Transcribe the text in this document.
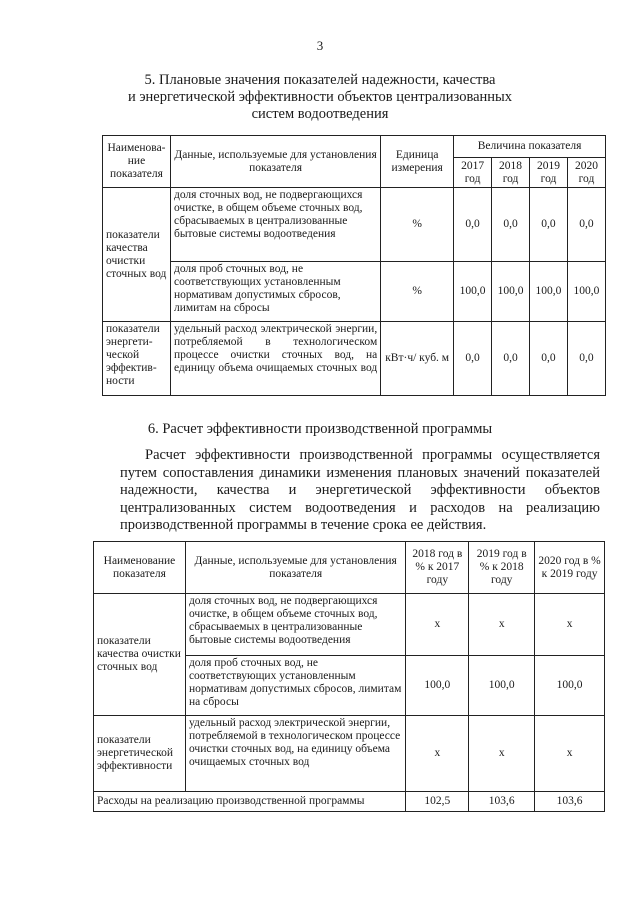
3
5. Плановые значения показателей надежности, качества
и энергетической эффективности объектов централизованных
систем водоотведения
Наименова-ние показателя	Данные, используемые для установления показателя	Единица измерения	Величина показателя			
			2017 год	2018 год	2019 год	2020 год
показатели качества очистки сточных вод	доля сточных вод, не подвергающихся очистке, в общем объеме сточных вод, сбрасываемых в централизованные бытовые системы водоотведения	%	0,0	0,0	0,0	0,0
	доля проб сточных вод, не соответствующих установленным нормативам допустимых сбросов, лимитам на сбросы	%	100,0	100,0	100,0	100,0
показатели энергети-ческой эффектив-ности	удельный расход электрической энергии, потребляемой в технологическом процессе очистки сточных вод, на единицу объема очищаемых сточных вод	кВт·ч/ куб. м	0,0	0,0	0,0	0,0
6. Расчет эффективности производственной программы
Расчет эффективности производственной программы осуществляется
путем сопоставления динамики изменения плановых значений показателей
надежности, качества и энергетической эффективности объектов
централизованных систем водоотведения и расходов на реализацию
производственной программы в течение срока ее действия.
Наименование показателя	Данные, используемые для установления показателя	2018 год в % к 2017 году	2019 год в % к 2018 году	2020 год в % к 2019 году
показатели качества очистки сточных вод	доля сточных вод, не подвергающихся очистке, в общем объеме сточных вод, сбрасываемых в централизованные бытовые системы водоотведения	х	х	х
	доля проб сточных вод, не соответствующих установленным нормативам допустимых сбросов, лимитам на сбросы	100,0	100,0	100,0
показатели энергетической эффективности	удельный расход электрической энергии, потребляемой в технологическом процессе очистки сточных вод, на единицу объема очищаемых сточных вод	х	х	х
Расходы на реализацию производственной программы		102,5	103,6	103,6
